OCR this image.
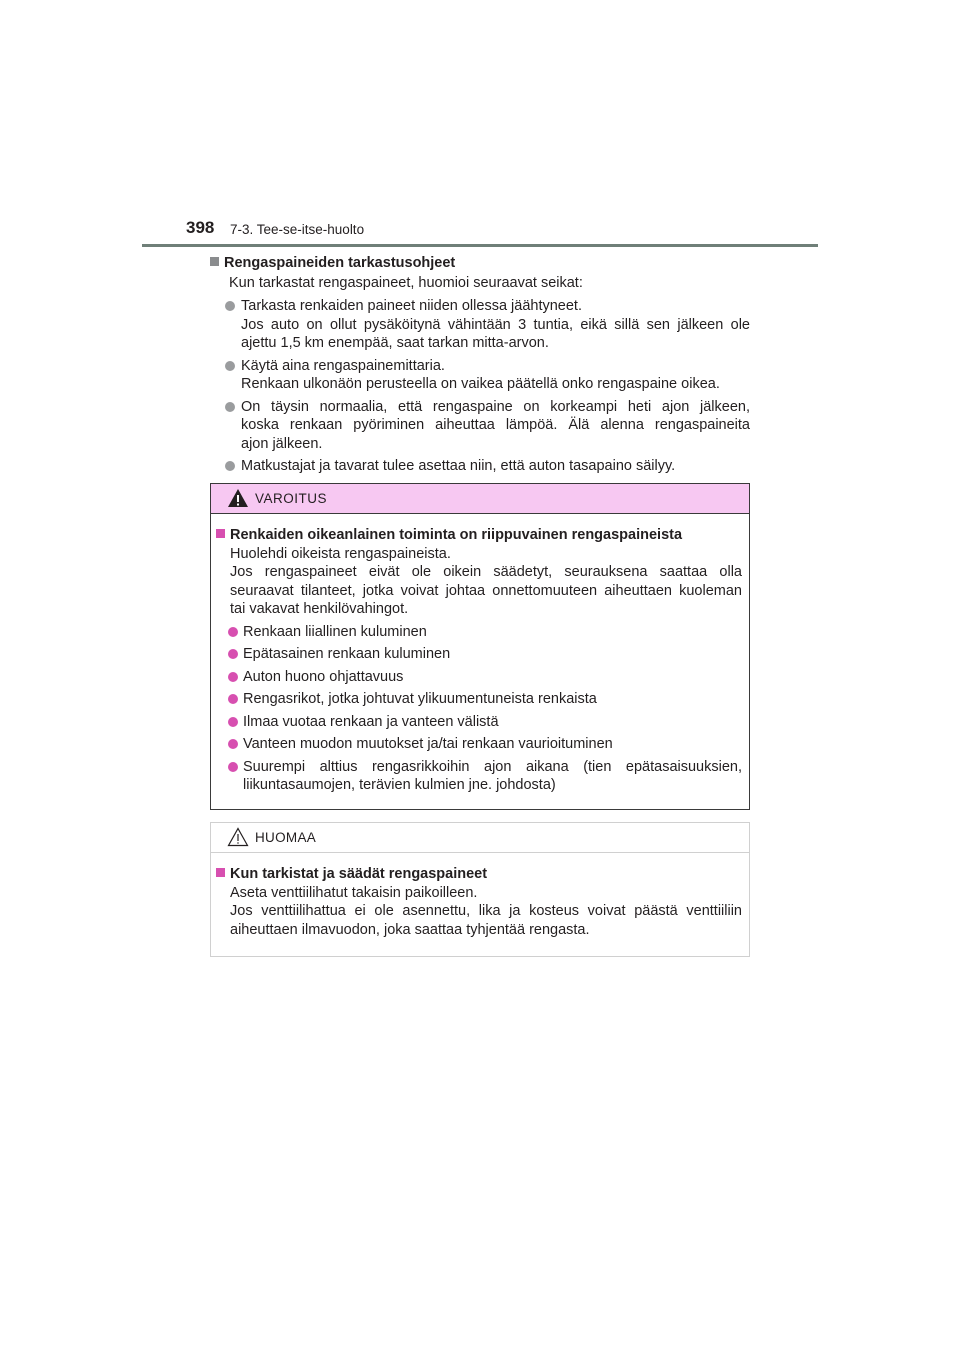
398 7-3. Tee-se-itse-huolto
Rengaspaineiden tarkastusohjeet
Kun tarkastat rengaspaineet, huomioi seuraavat seikat:
Tarkasta renkaiden paineet niiden ollessa jäähtyneet.
Jos auto on ollut pysäköitynä vähintään 3 tuntia, eikä sillä sen jälkeen ole
ajettu 1,5 km enempää, saat tarkan mitta-arvon.
Käytä aina rengaspainemittaria.
Renkaan ulkonäön perusteella on vaikea päätellä onko rengaspaine oikea.
On täysin normaalia, että rengaspaine on korkeampi heti ajon jälkeen,
koska renkaan pyöriminen aiheuttaa lämpöä. Älä alenna rengaspaineita
ajon jälkeen.
Matkustajat ja tavarat tulee asettaa niin, että auton tasapaino säilyy.
VAROITUS
Renkaiden oikeanlainen toiminta on riippuvainen rengaspaineista
Huolehdi oikeista rengaspaineista.
Jos rengaspaineet eivät ole oikein säädetyt, seurauksena saattaa olla
seuraavat tilanteet, jotka voivat johtaa onnettomuuteen aiheuttaen kuoleman
tai vakavat henkilövahingot.
Renkaan liiallinen kuluminen
Epätasainen renkaan kuluminen
Auton huono ohjattavuus
Rengasrikot, jotka johtuvat ylikuumentuneista renkaista
Ilmaa vuotaa renkaan ja vanteen välistä
Vanteen muodon muutokset ja/tai renkaan vaurioituminen
Suurempi alttius rengasrikkoihin ajon aikana (tien epätasaisuuksien, liikuntasaumojen, terävien kulmien jne. johdosta)
HUOMAA
Kun tarkistat ja säädät rengaspaineet
Aseta venttiilihatut takaisin paikoilleen.
Jos venttiilihattua ei ole asennettu, lika ja kosteus voivat päästä venttiiliin
aiheuttaen ilmavuodon, joka saattaa tyhjentää rengasta.
